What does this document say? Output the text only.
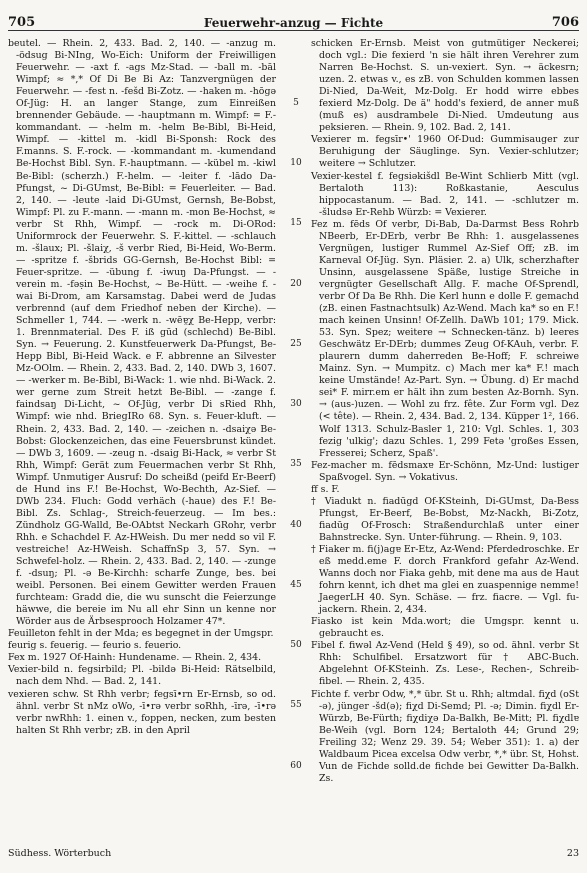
705	Feuerwehr-anzug — Fichte	706

beutel. — Rhein. 2, 433. Bad. 2, 140. — -anzug m. -ödsug Bi-NIng, Wo-Eich: Uniform der Freiwilligen Feuerwehr. — -axt f. -ags Mz-Stad. — -ball m. -bāl Wimpf; ≈ *,* Of Di Be Bi Az: Tanzvergnügen der Feuerwehr. — -fest n. -fešd Bi-Zotz. — -haken m. -hōgə Of-Jüg: H. an langer Stange, zum Einreißen brennender Gebäude. — -hauptmann m. Wimpf: = F.-kommandant. — -helm m. -helm Be-Bibl, Bi-Heid, Wimpf. — -kittel m. -kidl Bi-Sponsh: Rock des F.manns. S. F.-rock. — -kommandant m. -kumendand Be-Hochst Bibl. Syn. F.-hauptmann. — -kübel m. -kiwl Be-Bibl: (scherzh.) F.-helm. — -leiter f. -lādo Da-Pfungst, ~ Di-GUmst, Be-Bibl: = Feuerleiter. — Bad. 2, 140. — -leute -laid Di-GUmst, Gernsh, Be-Bobst, Wimpf: Pl. zu F.-mann. — -mann m. -mon Be-Hochst, ≈ verbr St Rhh, Wimpf. — -rock m. Di-ORod: Uniformrock der Feuerwehr. S. F.-kittel. — -schlauch m. -šlaux; Pl. -šlaiχ, -š verbr Ried, Bi-Heid, Wo-Berm. — -spritze f. -šbrids GG-Gernsh, Be-Hochst Bibl: = Feuer-spritze. — -übung f. -iwuŋ Da-Pfungst. — -verein m. -fəṣin Be-Hochst, ~ Be-Hütt. — -weihe f. -wai Bi-Drom, am Karsamstag. Dabei werd de Judas verbrennd (auf dem Friedhof neben der Kirche). — Schmeller 1, 744. — -werk n. -wēɐ̯χ Be-Hepp, verbr: 1. Brennmaterial. Des F. iß gūd (schlechd) Be-Bibl. Syn. → Feuerung. 2. Kunstfeuerwerk Da-Pfungst, Be-Hepp Bibl, Bi-Heid Wack. e F. abbrenne an Silvester Mz-OOlm. — Rhein. 2, 433. Bad. 2, 140. DWb 3, 1607. — -werker m. Be-Bibl, Bi-Wack: 1. wie nhd. Bi-Wack. 2. wer gerne zum Streit hetzt Be-Bibl. — -zange f. faindsaŋ Di-Licht, ~ Of-Jüg, verbr Di sRied Rhh, Wimpf: wie nhd. BriegIRo 68. Syn. s. Feuer-kluft. — Rhein. 2, 433. Bad. 2, 140. — -zeichen n. -dsaiχə Be-Bobst: Glockenzeichen, das eine Feuersbrunst kündet. — DWb 3, 1609. — -zeug n. -dsaig Bi-Hack, ≈ verbr St Rhh, Wimpf: Gerät zum Feuermachen verbr St Rhh, Wimpf. Unmutiger Ausruf: Do scheißd (peifd Er-Beerf) de Hund ins F.! Be-Hochst, Wo-Bechth, Az-Sief. — DWb 234. Fluch: Godd verhäch (-haue) des F.! Be-Bibl. Zs. Schlag-, Streich-feuerzeug. — Im bes.: Zündholz GG-Walld, Be-OAbtst Neckarh GRohr, verbr Rhh. e Schachdel F. Az-HWeish. Du mer nedd so vil F. vestreiche! Az-HWeish. SchaffnSp 3, 57. Syn. → Schwefel-holz. — Rhein. 2, 433. Bad. 2, 140. — -zunge f. -dsuŋ; Pl. -ə Be-Kirchh: scharfe Zunge, bes. bei weibl. Personen. Bei einem Gewitter werden Frauen furchteam: Gradd die, die wu sunscht die Feierzunge häwwe, die bereie im Nu all ehr Sinn un kenne nor Wörder aus de Ärbsesprooch Holzamer 47*.

Feuilleton fehlt in der Mda; es begegnet in der Umgspr.

feurig s. feuerig. — feurio s. feuerio.

Fex m. 1927 Of-Hainh: Hundename. — Rhein. 2, 434.

Vexier-bild n. fegsirbild; Pl. -bildə Bi-Heid: Rätselbild, nach dem Nhd. — Bad. 2, 141.

vexieren schw. St Rhh verbr; fegsī•rn Er-Ernsb, so od. ähnl. verbr St nMz oWo, -ī•rə verbr soRhh, -īrə, -ī•rə verbr nwRhh: 1. einen v., foppen, necken, zum besten halten St Rhh verbr; zB. in den April

5
10
15
20
25
30
35
40
45
50
55
60

schicken Er-Ernsb. Meist von gutmütiger Neckerei; doch vgl.: Die fexierd 'n sie hält ihren Verehrer zum Narren Be-Hochst. S. un-vexiert. Syn. → äckesrn; uzen. 2. etwas v., es zB. von Schulden kommen lassen Di-Nied, Da-Weit, Mz-Dolg. Er hodd wirre ebbes fexierd Mz-Dolg. De ä" hodd's fexierd, de anner muß (muß es) ausdrambele Di-Nied. Umdeutung aus peksieren. — Rhein. 9, 102. Bad. 2, 141.

Vexierer m. fegsīr•' 1960 Of-Dud: Gummisauger zur Beruhigung der Säuglinge. Syn. Vexier-schlutzer; weitere → Schlutzer.

Vexier-kestel f. fegsiəkišdl Be-Wint Schlierb Mitt (vgl. Bertaloth 113): Roßkastanie, Aesculus hippocastanum. — Bad. 2, 141. — -schlutzer m. -šludsə Er-Rehb Würzb: = Vexierer.

Fez m. fēds Of verbr, Di-Bab, Da-Darmst Bess Rohrb NBeerb, Er-DErb, verbr Be Rhh: 1. ausgelassenes Vergnügen, lustiger Rummel Az-Sief Off; zB. im Karneval Of-Jüg. Syn. Pläsier. 2. a) Ulk, scherzhafter Unsinn, ausgelassene Späße, lustige Streiche in vergnügter Gesellschaft Allg. F. mache Of-Sprendl, verbr Of Da Be Rhh. Die Kerl hunn e dolle F. gemachd (zB. einen Fastnachtsulk) Az-Wend. Mach ka* so en F.! mach keinen Unsinn! Of-Zellh. DaWb 101; 179. Mick. 53. Syn. Spez; weitere → Schnecken-tänz. b) leeres Geschwätz Er-DErb; dummes Zeug Of-KAuh, verbr. F. plaurern dumm daherreden Be-Hoff; F. schreiwe Mainz. Syn. → Mumpitz. c) Mach mer ka* F.! mach keine Umstände! Az-Part. Syn. → Übung. d) Er machd sei* F. mirr.em er hält ihn zum besten Az-Bornh. Syn. → (aus-)uzen. — Wohl zu frz. fête. Zur Form vgl. Dez (< tête). — Rhein. 2, 434. Bad. 2, 134. Küpper 1², 166. Wolf 1313. Schulz-Basler 1, 210: Vgl. Schles. 1, 303 fezig 'ulkig'; dazu Schles. 1, 299 Fetə 'großes Essen, Fresserei; Scherz, Spaß'.

Fez-macher m. fēdsmaxɐ Er-Schönn, Mz-Und: lustiger Spaßvogel. Syn. → Vokativus.

ff s. F.

† Viadukt n. fiadūgd Of-KSteinh, Di-GUmst, Da-Bess Pfungst, Er-Beerf, Be-Bobst, Mz-Nackh, Bi-Zotz, fiadūg Of-Frosch: Straßendurchlaß unter einer Bahnstrecke. Syn. Unter-führung. — Rhein. 9, 103.

† Fiaker m. fi(j)agɐ Er-Etz, Az-Wend: Pferdedroschke. Er eß medd.eme F. dorch Frankford gefahr Az-Wend. Wanns doch nor Fiaka gehb, mit dene ma aus de Haut fohrn kennt, ich dhet ma glei en zuaspennige nemme! JaegerLH 40. Syn. Schäse. — frz. fiacre. — Vgl. fu-jackern. Rhein. 2, 434.

Fiasko ist kein Mda.wort; die Umgspr. kennt u. gebraucht es.

Fibel f. fiwəl Az-Vend (Held § 49), so od. ähnl. verbr St Rhh: Schulfibel. Ersatzwort für † ABC-Buch. Abgelehnt Of-KSteinh. Zs. Lese-, Rechen-, Schreib-fibel. — Rhein. 2, 435.

Fichte f. verbr Odw, *,* übr. St u. Rhh; altmdal. fiχd (oSt -ə), jünger -šd(ə); fiχd Di-Semd; Pl. -ə; Dimin. fiχdl Er-Würzb, Be-Fürth; fiχdiχə Da-Balkh, Be-Mitt; Pl. fiχdlɐ Be-Weih (vgl. Born 124; Bertaloth 44; Grund 29; Freiling 32; Wenz 29. 39. 54; Weber 351): 1. a) der Waldbaum Picea excelsa Odw verbr, *,* übr. St, Hohst. Vun de Fichde solld.de fichde bei Gewitter Da-Balkh. Zs.

Südhess. Wörterbuch	23
